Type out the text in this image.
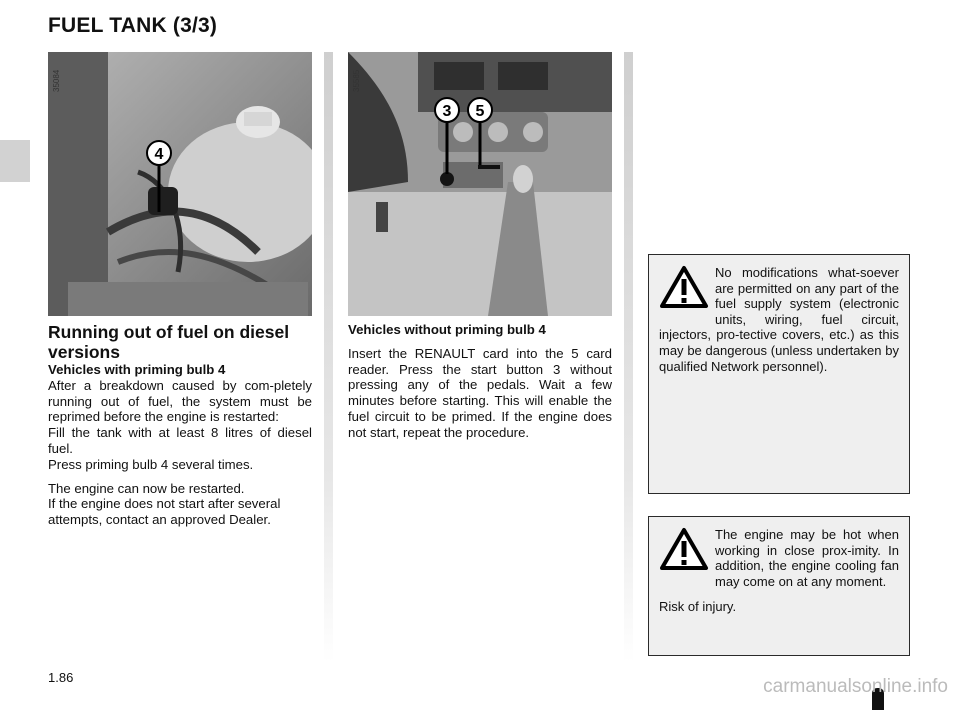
FUEL TANK (3/3)
4
35084
3 5
35585
Running out of fuel on diesel versions

Vehicles with priming bulb 4

After a breakdown caused by com-pletely running out of fuel, the system must be reprimed before the engine is restarted:

Fill the tank with at least 8 litres of diesel fuel.

Press priming bulb 4 several times.

The engine can now be restarted.

If the engine does not start after several attempts, contact an approved Dealer.

Vehicles without priming bulb 4

Insert the RENAULT card into the 5 card reader. Press the start button 3 without pressing any of the pedals. Wait a few minutes before starting. This will enable the fuel circuit to be primed. If the engine does not start, repeat the procedure.

No modifications what-soever are permitted on any part of the fuel supply system (electronic units, wiring, fuel circuit, injectors, pro-tective covers, etc.) as this may be dangerous (unless undertaken by qualified Network personnel).

The engine may be hot when working in close prox-imity. In addition, the engine cooling fan may come on at any moment.

Risk of injury.

1.86	carmanualsonline.info
